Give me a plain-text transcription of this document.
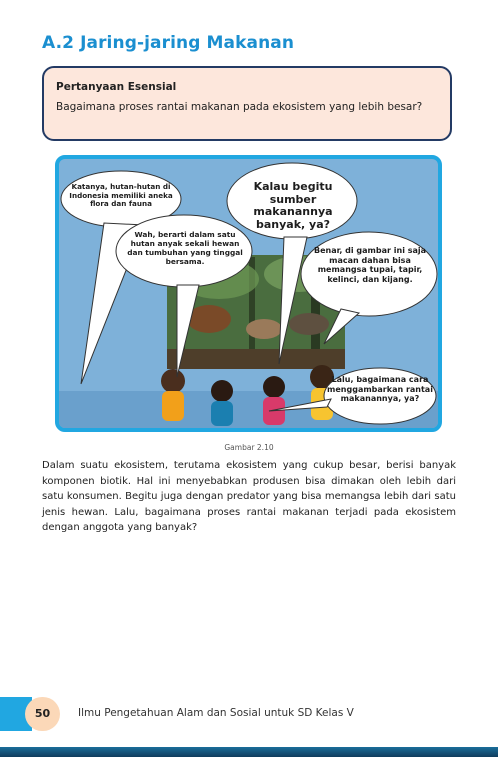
A.2 Jaring-jaring Makanan
Pertanyaan Esensial
Bagaimana proses rantai makanan pada ekosistem yang lebih besar?
Katanya, hutan-hutan di Indonesia memiliki aneka flora dan fauna
Kalau begitu sumber makanannya banyak, ya?
Wah, berarti dalam satu hutan anyak sekali hewan dan tumbuhan yang tinggal bersama.
Benar, di gambar ini saja macan dahan bisa memangsa tupai, tapir, kelinci, dan kijang.
Lalu, bagaimana cara menggambarkan rantai makanannya, ya?
Gambar 2.10
Dalam suatu ekosistem, terutama ekosistem yang cukup besar, berisi banyak komponen biotik. Hal ini menyebabkan produsen bisa dimakan oleh lebih dari satu konsumen. Begitu juga dengan predator yang bisa memangsa lebih dari satu jenis hewan. Lalu, bagaimana proses rantai makanan terjadi pada ekosistem dengan anggota yang banyak?
50	Ilmu Pengetahuan Alam dan Sosial untuk SD Kelas V
